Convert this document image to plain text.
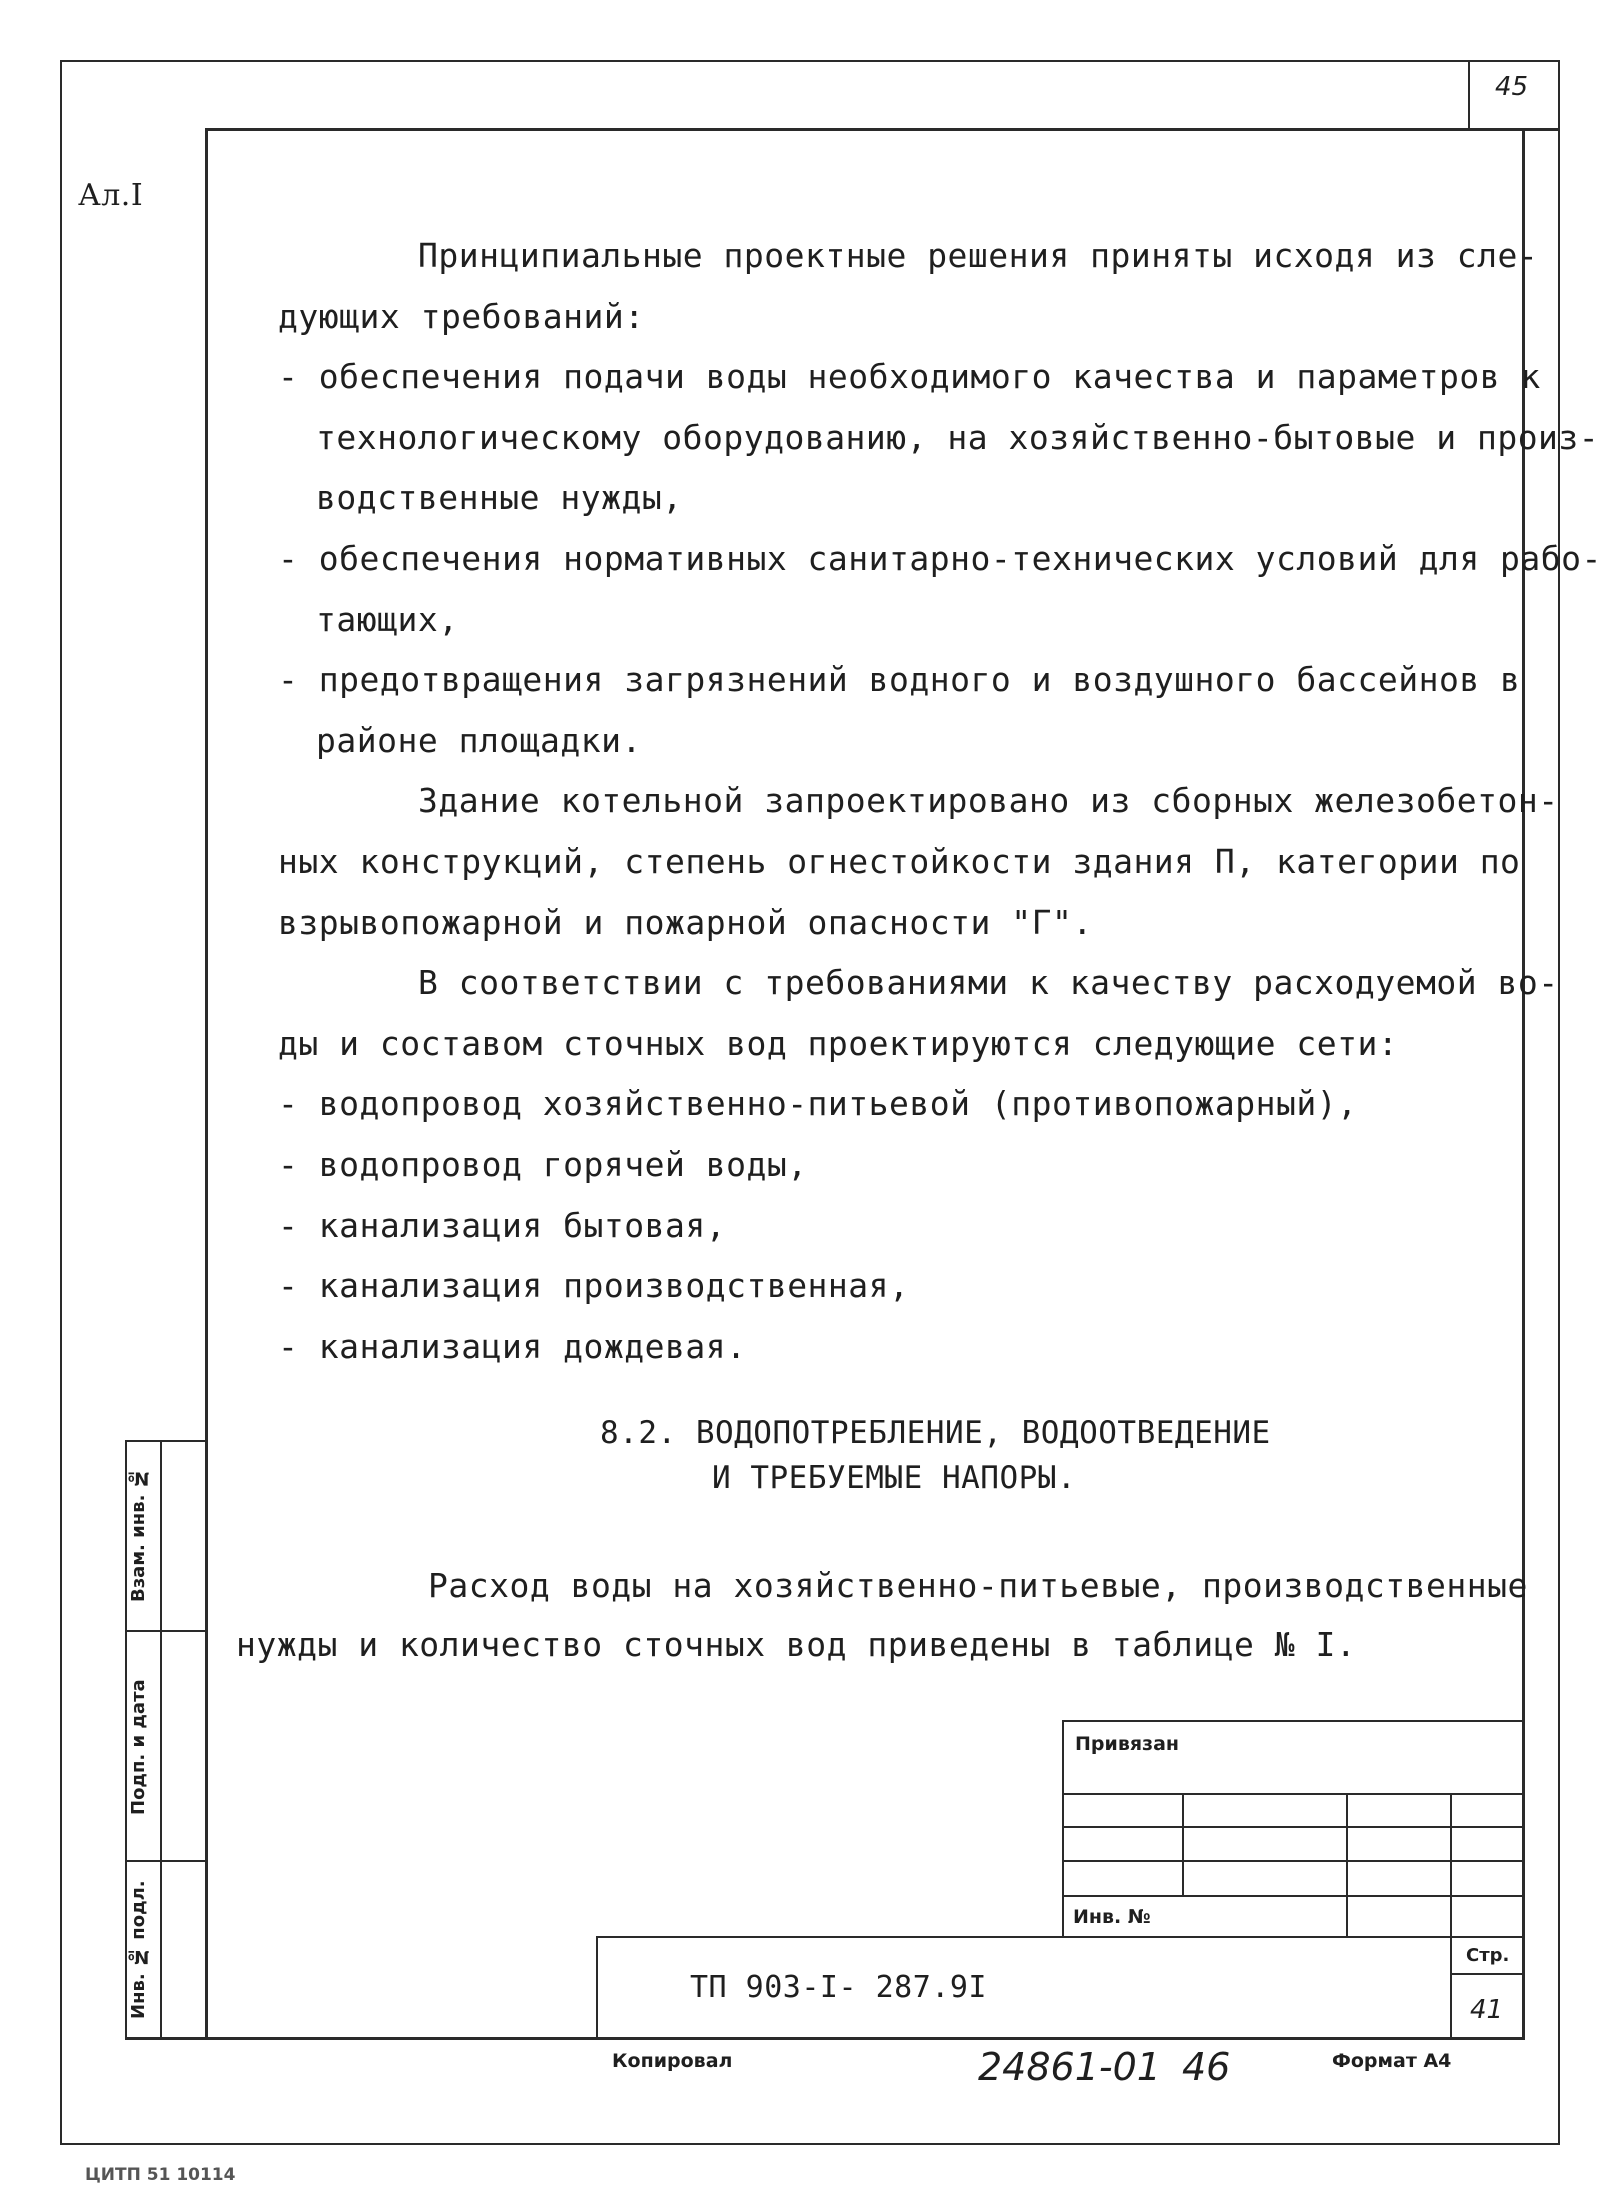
45
Ал.I
Принципиальные проектные решения приняты исходя из сле-
дующих требований:
- обеспечения подачи воды необходимого качества и параметров к
технологическому оборудованию, на хозяйственно-бытовые и произ-
водственные нужды,
- обеспечения нормативных санитарно-технических условий для рабо-
тающих,
- предотвращения загрязнений водного и воздушного бассейнов в
районе площадки.
Здание котельной запроектировано из сборных железобетон-
ных конструкций, степень огнестойкости здания П, категории по
взрывопожарной и пожарной опасности "Г".
В соответствии с требованиями к качеству расходуемой во-
ды и составом сточных вод проектируются следующие сети:
- водопровод хозяйственно-питьевой (противопожарный),
- водопровод горячей воды,
- канализация бытовая,
- канализация производственная,
- канализация дождевая.
8.2. ВОДОПОТРЕБЛЕНИЕ, ВОДООТВЕДЕНИЕ
И ТРЕБУЕМЫЕ НАПОРЫ.
Расход воды на хозяйственно-питьевые, производственные
нужды и количество сточных вод приведены в таблице № I.
Взам. инв. №
Подп. и дата
Инв. № подл.
Привязан
Инв. №
ТП 903-I- 287.9I
Стр.
41
Копировал	24861-01 46	Формат А4
ЦИТП 51 10114
